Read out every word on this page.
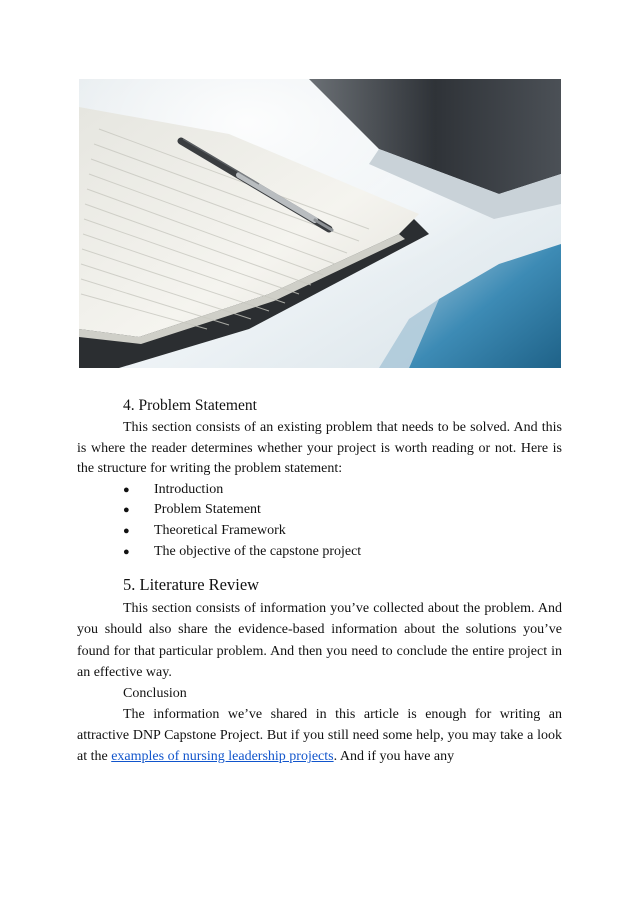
4. Problem Statement

This section consists of an existing problem that needs to be solved. And this is where the reader determines whether your project is worth reading or not. Here is the structure for writing the problem statement:

● Introduction
● Problem Statement
● Theoretical Framework
● The objective of the capstone project
5. Literature Review

This section consists of information you’ve collected about the problem. And you should also share the evidence-based information about the solutions you’ve found for that particular problem. And then you need to conclude the entire project in an effective way.

Conclusion

The information we’ve shared in this article is enough for writing an attractive DNP Capstone Project. But if you still need some help, you may take a look at the examples of nursing leadership projects. And if you have any
